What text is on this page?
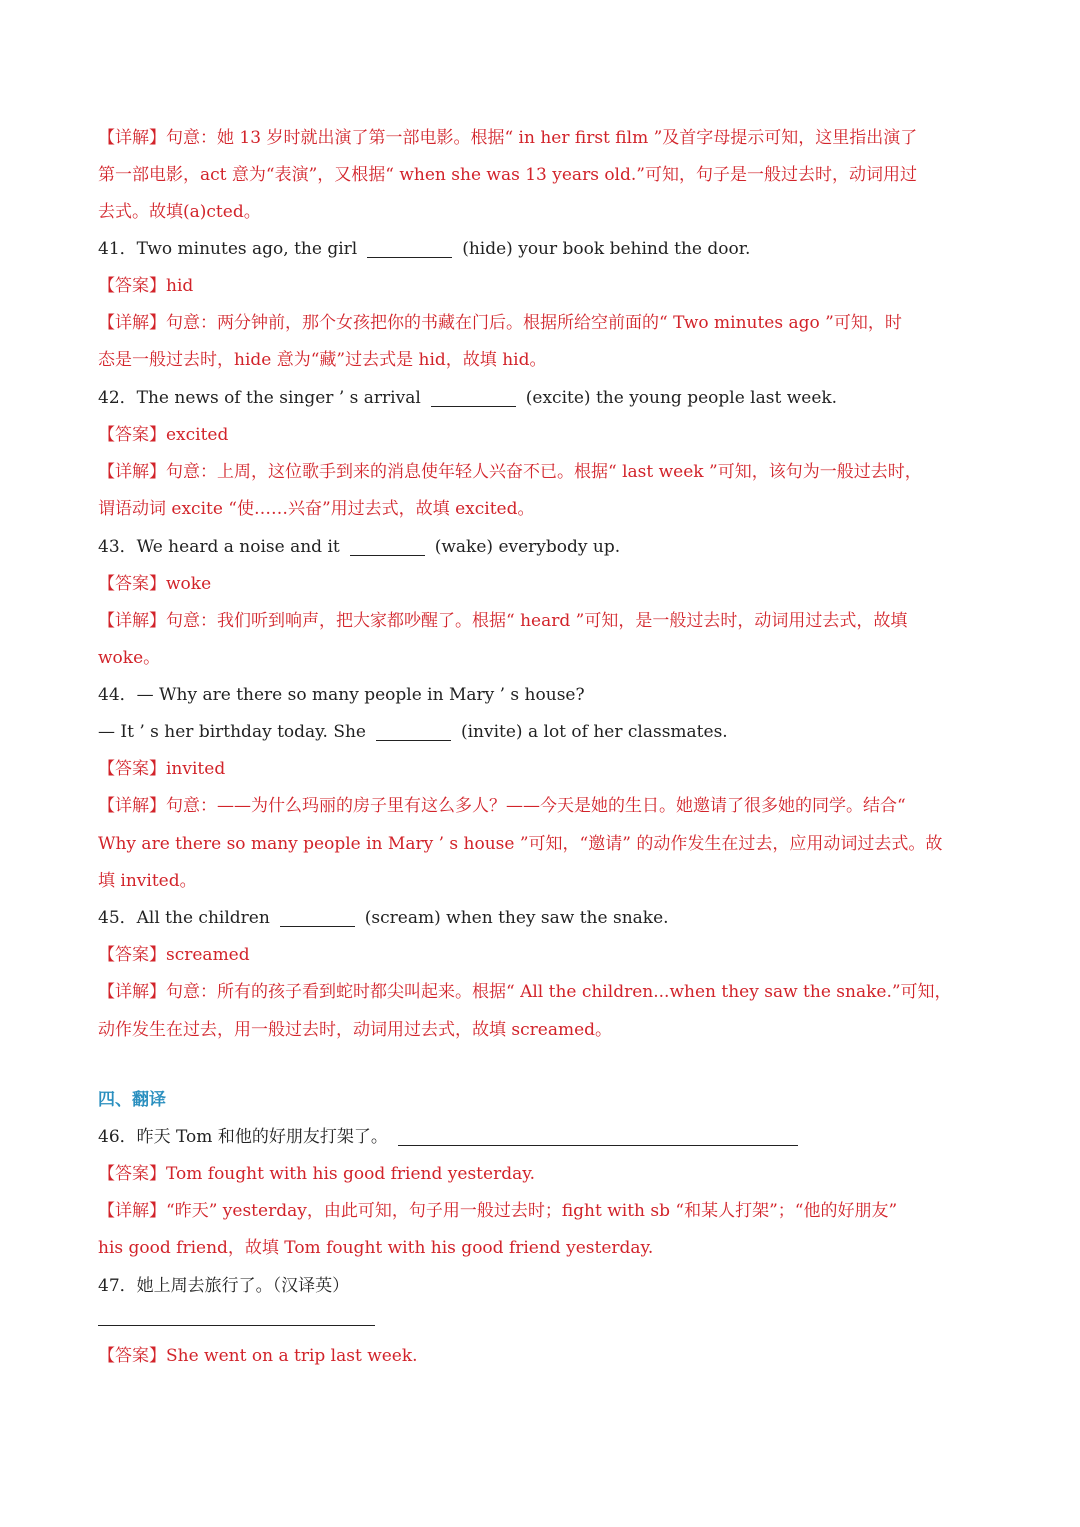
【详解】句意：她 13 岁时就出演了第一部电影。根据“ in her first film ”及首字母提示可知，这里指出演了
第一部电影，act 意为“表演”，又根据“ when she was 13 years old.”可知，句子是一般过去时，动词用过
去式。故填(a)cted。
41．Two minutes ago, the girl	(hide) your book behind the door.
【答案】hid
【详解】句意：两分钟前，那个女孩把你的书藏在门后。根据所给空前面的“ Two minutes ago ”可知，时
态是一般过去时，hide 意为“藏”过去式是 hid，故填 hid。
42．The news of the singer ’ s arrival	(excite) the young people last week.
【答案】excited
【详解】句意：上周，这位歌手到来的消息使年轻人兴奋不已。根据“ last week ”可知，该句为一般过去时，
谓语动词 excite “使……兴奋”用过去式，故填 excited。
43．We heard a noise and it	(wake) everybody up.
【答案】woke
【详解】句意：我们听到响声，把大家都吵醒了。根据“ heard ”可知，是一般过去时，动词用过去式，故填
woke。
44．— Why are there so many people in Mary ’ s house?
— It ’ s her birthday today. She	(invite) a lot of her classmates.
【答案】invited
【详解】句意：——为什么玛丽的房子里有这么多人？——今天是她的生日。她邀请了很多她的同学。结合“
Why are there so many people in Mary ’ s house ”可知，“邀请” 的动作发生在过去，应用动词过去式。故
填 invited。
45．All the children	(scream) when they saw the snake.
【答案】screamed
【详解】句意：所有的孩子看到蛇时都尖叫起来。根据“ All the children...when they saw the snake.”可知，
动作发生在过去，用一般过去时，动词用过去式，故填 screamed。
四、翻译
46．昨天 Tom 和他的好朋友打架了。
【答案】Tom fought with his good friend yesterday.
【详解】“昨天” yesterday，由此可知，句子用一般过去时；fight with sb “和某人打架”；“他的好朋友”
his good friend，故填 Tom fought with his good friend yesterday.
47．她上周去旅行了。（汉译英）
【答案】She went on a trip last week.
